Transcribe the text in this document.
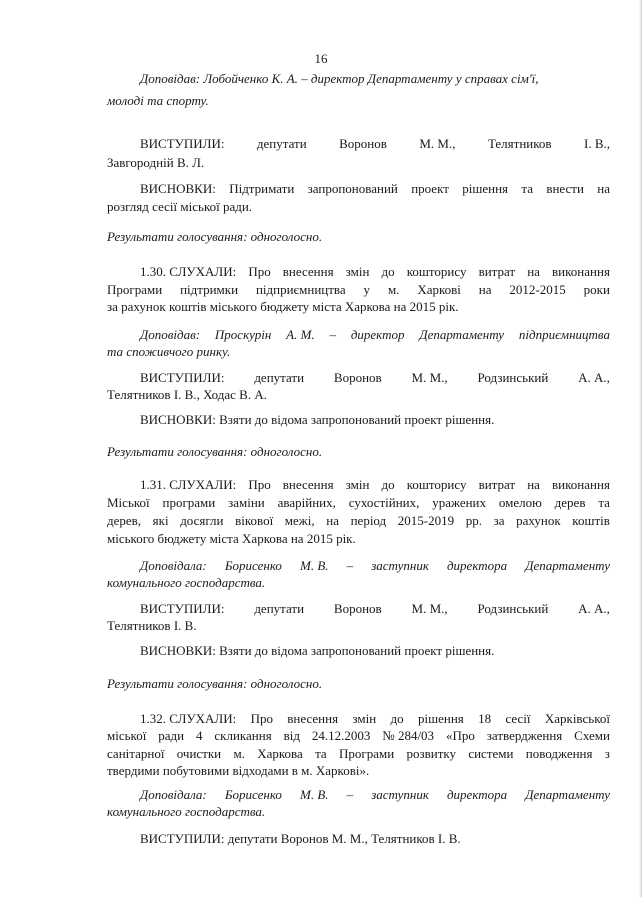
16
Доповідав: Лобойченко К. А. – директор Департаменту у справах сім'ї,
молоді та спорту.
ВИСТУПИЛИ: депутати Воронов М. М., Телятников І. В.,
Завгородній В. Л.
ВИСНОВКИ: Підтримати запропонований проект рішення та внести на
розгляд сесії міської ради.
Результати голосування: одноголосно.
1.30. СЛУХАЛИ: Про внесення змін до кошторису витрат на виконання
Програми підтримки підприємництва у м. Харкові на 2012-2015 роки
за рахунок коштів міського бюджету міста Харкова на 2015 рік.
Доповідав: Проскурін А. М. – директор Департаменту підприємництва
та споживчого ринку.
ВИСТУПИЛИ: депутати Воронов М. М., Родзинський А. А.,
Телятников І. В., Ходас В. А.
ВИСНОВКИ: Взяти до відома запропонований проект рішення.
Результати голосування: одноголосно.
1.31. СЛУХАЛИ: Про внесення змін до кошторису витрат на виконання
Міської програми заміни аварійних, сухостійних, уражених омелою дерев та
дерев, які досягли вікової межі, на період 2015-2019 рр. за рахунок коштів
міського бюджету міста Харкова на 2015 рік.
Доповідала: Борисенко М. В. – заступник директора Департаменту
комунального господарства.
ВИСТУПИЛИ: депутати Воронов М. М., Родзинський А. А.,
Телятников І. В.
ВИСНОВКИ: Взяти до відома запропонований проект рішення.
Результати голосування: одноголосно.
1.32. СЛУХАЛИ: Про внесення змін до рішення 18 сесії Харківської
міської ради 4 скликання від 24.12.2003 № 284/03 «Про затвердження Схеми
санітарної очистки м. Харкова та Програми розвитку системи поводження з
твердими побутовими відходами в м. Харкові».
Доповідала: Борисенко М. В. – заступник директора Департаменту
комунального господарства.
ВИСТУПИЛИ: депутати Воронов М. М., Телятников І. В.
